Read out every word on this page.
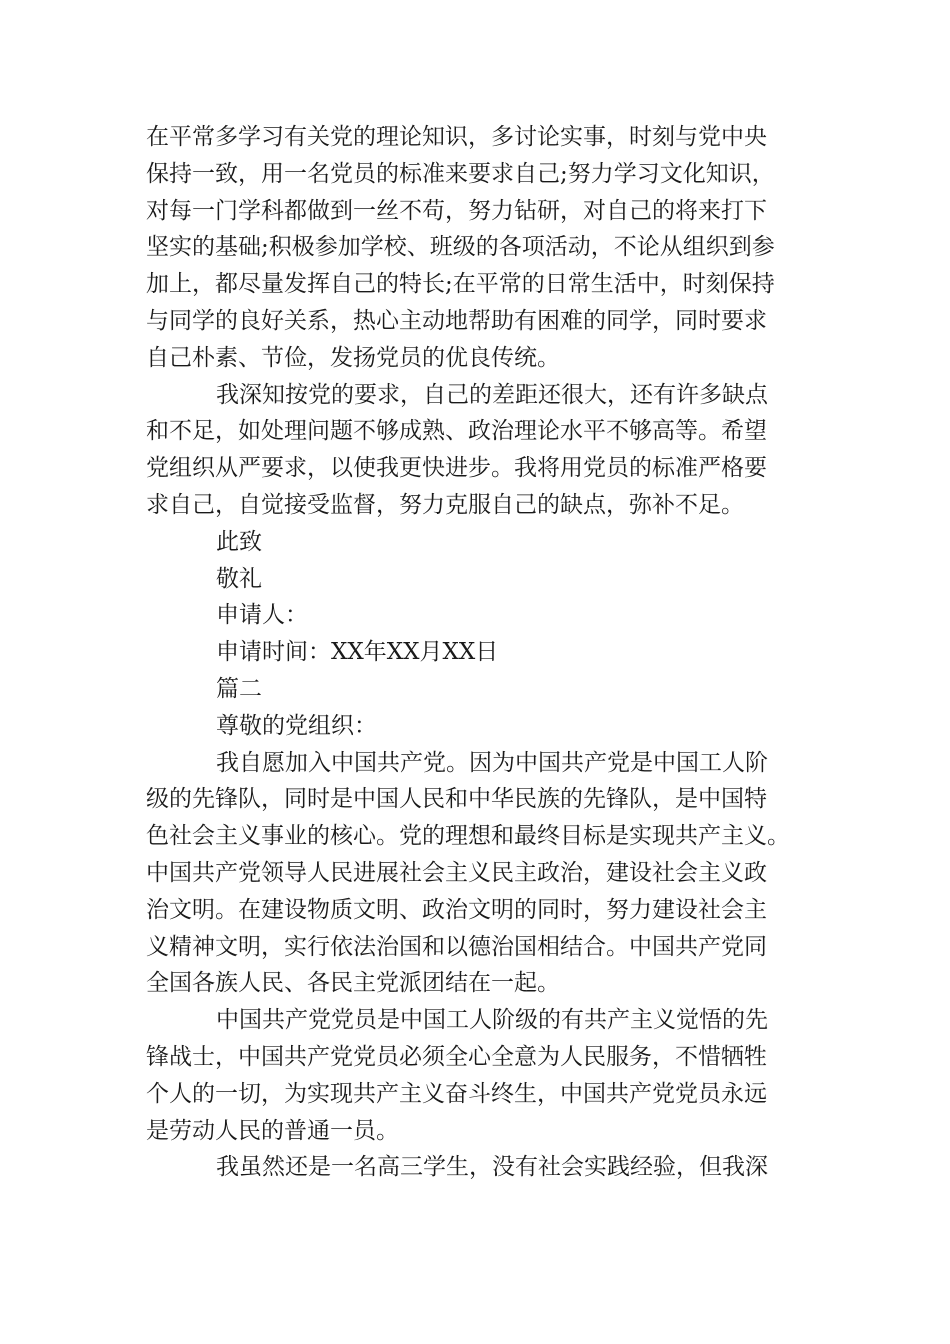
在平常多学习有关党的理论知识，多讨论实事，时刻与党中央
保持一致，用一名党员的标准来要求自己;努力学习文化知识，
对每一门学科都做到一丝不苟，努力钻研，对自己的将来打下
坚实的基础;积极参加学校、班级的各项活动，不论从组织到参
加上，都尽量发挥自己的特长;在平常的日常生活中，时刻保持
与同学的良好关系，热心主动地帮助有困难的同学，同时要求
自己朴素、节俭，发扬党员的优良传统。
我深知按党的要求，自己的差距还很大，还有许多缺点
和不足，如处理问题不够成熟、政治理论水平不够高等。希望
党组织从严要求，以使我更快进步。我将用党员的标准严格要
求自己，自觉接受监督，努力克服自己的缺点，弥补不足。
此致
敬礼
申请人：
申请时间：XX年XX月XX日
篇二
尊敬的党组织：
我自愿加入中国共产党。因为中国共产党是中国工人阶
级的先锋队，同时是中国人民和中华民族的先锋队，是中国特
色社会主义事业的核心。党的理想和最终目标是实现共产主义。
中国共产党领导人民进展社会主义民主政治，建设社会主义政
治文明。在建设物质文明、政治文明的同时，努力建设社会主
义精神文明，实行依法治国和以德治国相结合。中国共产党同
全国各族人民、各民主党派团结在一起。
中国共产党党员是中国工人阶级的有共产主义觉悟的先
锋战士，中国共产党党员必须全心全意为人民服务，不惜牺牲
个人的一切，为实现共产主义奋斗终生，中国共产党党员永远
是劳动人民的普通一员。
我虽然还是一名高三学生，没有社会实践经验，但我深
